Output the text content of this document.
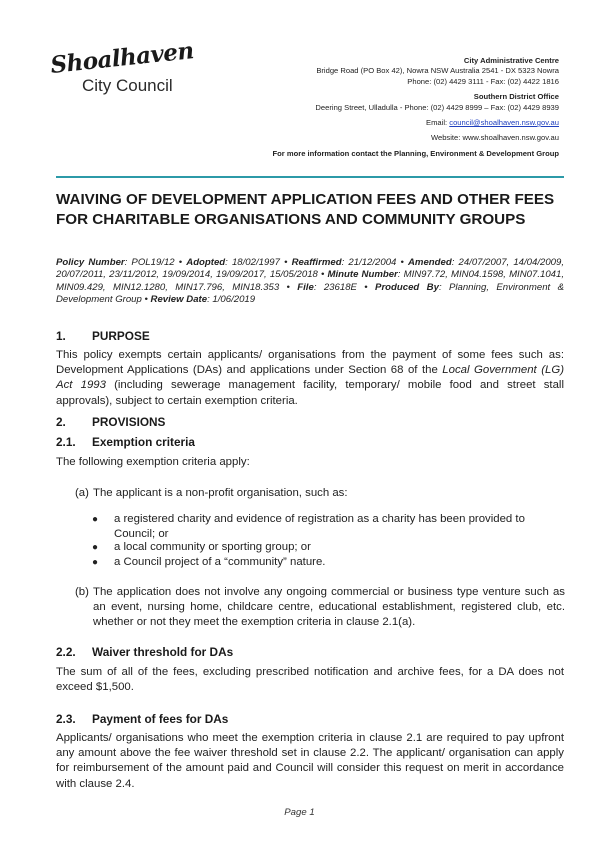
Shoalhaven
City Council
City Administrative Centre
Bridge Road (PO Box 42), Nowra NSW Australia 2541 - DX 5323 Nowra
Phone: (02) 4429 3111 - Fax: (02) 4422 1816
Southern District Office
Deering Street, Ulladulla - Phone: (02) 4429 8999 – Fax: (02) 4429 8939
Email: council@shoalhaven.nsw.gov.au
Website: www.shoalhaven.nsw.gov.au
For more information contact the Planning, Environment & Development Group
WAIVING OF DEVELOPMENT APPLICATION FEES AND OTHER FEES FOR CHARITABLE ORGANISATIONS AND COMMUNITY GROUPS
Policy Number: POL19/12 • Adopted: 18/02/1997 • Reaffirmed: 21/12/2004 • Amended: 24/07/2007, 14/04/2009, 20/07/2011, 23/11/2012, 19/09/2014, 19/09/2017, 15/05/2018 • Minute Number: MIN97.72, MIN04.1598, MIN07.1041, MIN09.429, MIN12.1280, MIN17.796, MIN18.353 • File: 23618E • Produced By: Planning, Environment & Development Group • Review Date: 1/06/2019
1. PURPOSE
This policy exempts certain applicants/ organisations from the payment of some fees such as: Development Applications (DAs) and applications under Section 68 of the Local Government (LG) Act 1993 (including sewerage management facility, temporary/ mobile food and street stall approvals), subject to certain exemption criteria.
2. PROVISIONS
2.1. Exemption criteria
The following exemption criteria apply:
(a) The applicant is a non-profit organisation, such as:
● a registered charity and evidence of registration as a charity has been provided to Council; or
● a local community or sporting group; or
● a Council project of a “community” nature.
(b) The application does not involve any ongoing commercial or business type venture such as an event, nursing home, childcare centre, educational establishment, registered club, etc. whether or not they meet the exemption criteria in clause 2.1(a).
2.2. Waiver threshold for DAs
The sum of all of the fees, excluding prescribed notification and archive fees, for a DA does not exceed $1,500.
2.3. Payment of fees for DAs
Applicants/ organisations who meet the exemption criteria in clause 2.1 are required to pay upfront any amount above the fee waiver threshold set in clause 2.2. The applicant/ organisation can apply for reimbursement of the amount paid and Council will consider this request on merit in accordance with clause 2.4.
Page 1
